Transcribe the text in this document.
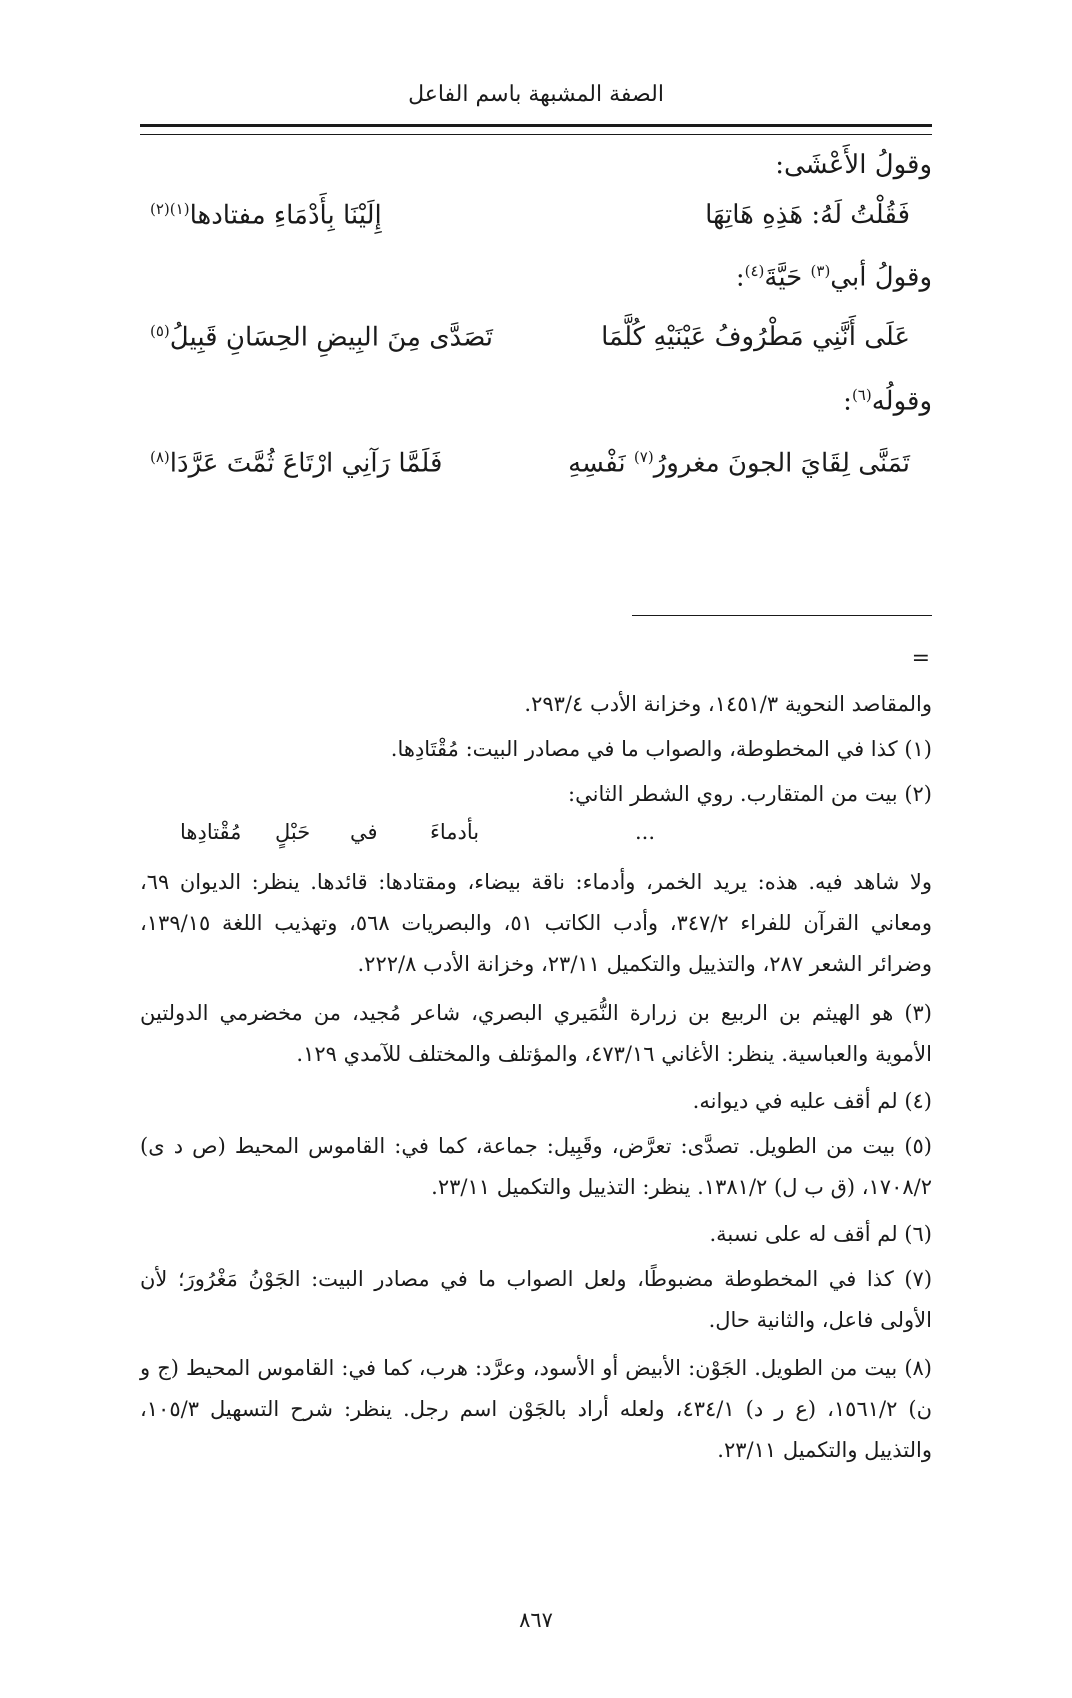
الصفة المشبهة باسم الفاعل
وقولُ الأَعْشَى:
فَقُلْتُ لَهُ: هَذِهِ هَاتِهَا
إِلَيْنَا بِأَدْمَاءِ مفتادها$^{(١)(٢)}$
وقولُ أبي$^{(٣)}$ حَيَّةَ$^{(٤)}$:
عَلَى أَنَّنِي مَطْرُوفُ عَيْنَيْهِ كُلَّمَا
تَصَدَّى مِنَ البِيضِ الحِسَانِ قَبِيلُ$^{(٥)}$
وقولُه$^{(٦)}$:
تَمَنَّى لِقَايَ الجونَ مغرورُ$^{(٧)}$ نَفْسِهِ
فَلَمَّا رَآنِي ارْتَاعَ ثُمَّتَ عَرَّدَا$^{(٨)}$
=
والمقاصد النحوية ١٤٥١/٣، وخزانة الأدب ٢٩٣/٤.
(١) كذا في المخطوطة، والصواب ما في مصادر البيت: مُقْتَادِها.
(٢) بيت من المتقارب. روي الشطر الثاني:
مُقْتادِها حَبْلٍ في بأدماءَ	...
ولا شاهد فيه. هذه: يريد الخمر، وأدماء: ناقة بيضاء، ومقتادها: قائدها. ينظر: الديوان ٦٩، ومعاني القرآن للفراء ٣٤٧/٢، وأدب الكاتب ٥١، والبصريات ٥٦٨، وتهذيب اللغة ١٣٩/١٥، وضرائر الشعر ٢٨٧، والتذييل والتكميل ٢٣/١١، وخزانة الأدب ٢٢٢/٨.
(٣) هو الهيثم بن الربيع بن زرارة النُّمَيري البصري، شاعر مُجيد، من مخضرمي الدولتين الأموية والعباسية. ينظر: الأغاني ٤٧٣/١٦، والمؤتلف والمختلف للآمدي ١٢٩.
(٤) لم أقف عليه في ديوانه.
(٥) بيت من الطويل. تصدَّى: تعرَّض، وقَبِيل: جماعة، كما في: القاموس المحيط (ص د ى) ١٧٠٨/٢، (ق ب ل) ١٣٨١/٢. ينظر: التذييل والتكميل ٢٣/١١.
(٦) لم أقف له على نسبة.
(٧) كذا في المخطوطة مضبوطًا، ولعل الصواب ما في مصادر البيت: الجَوْنُ مَغْرُورَ؛ لأن الأولى فاعل، والثانية حال.
(٨) بيت من الطويل. الجَوْن: الأبيض أو الأسود، وعرَّد: هرب، كما في: القاموس المحيط (ج و ن) ١٥٦١/٢، (ع ر د) ٤٣٤/١، ولعله أراد بالجَوْن اسم رجل. ينظر: شرح التسهيل ١٠٥/٣، والتذييل والتكميل ٢٣/١١.
٨٦٧
